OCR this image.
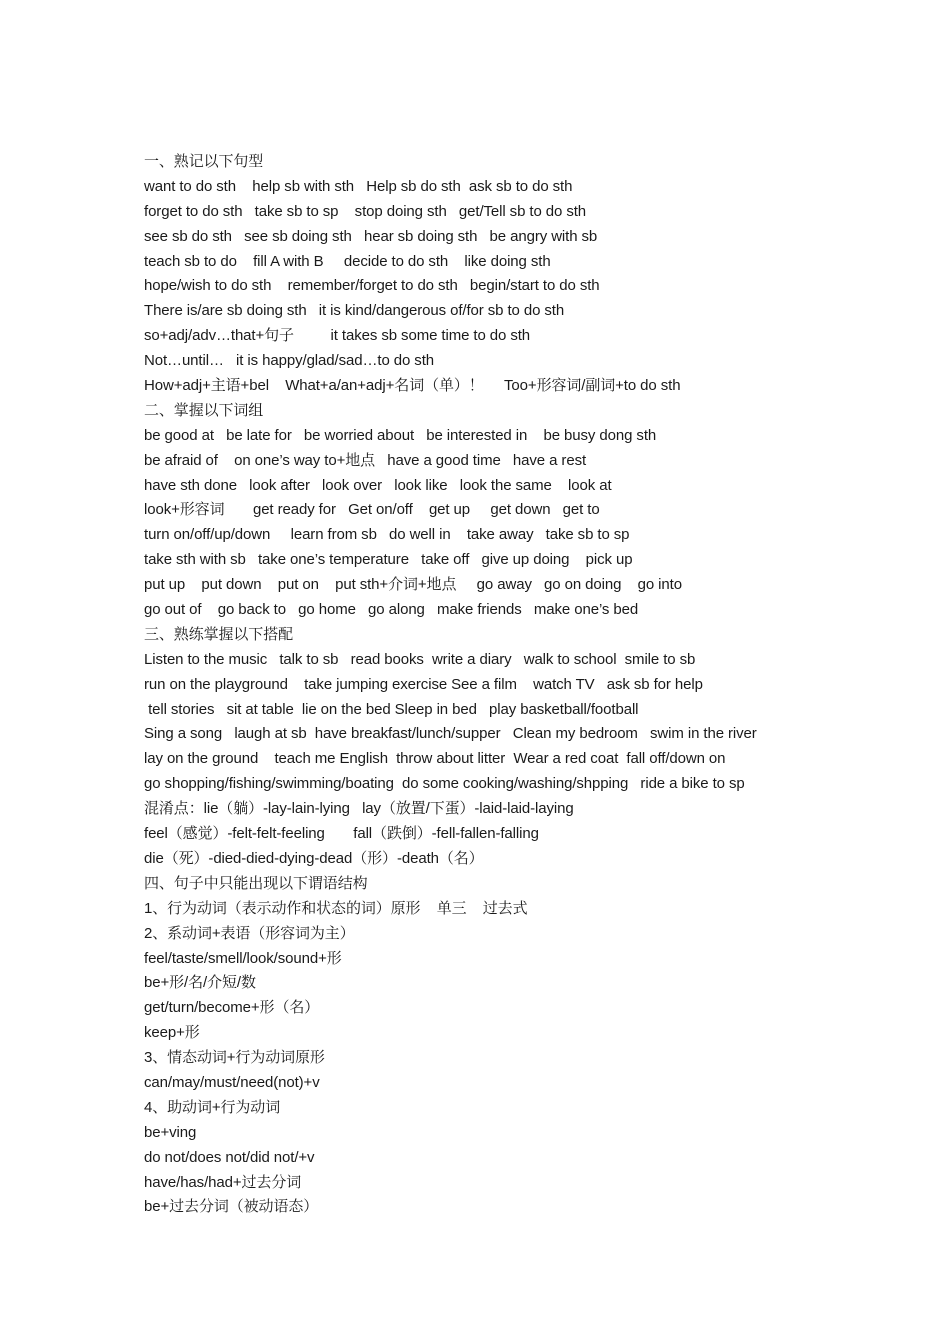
一、熟记以下句型
want to do sth    help sb with sth   Help sb do sth  ask sb to do sth
forget to do sth   take sb to sp    stop doing sth   get/Tell sb to do sth
see sb do sth   see sb doing sth   hear sb doing sth   be angry with sb
teach sb to do    fill A with B     decide to do sth    like doing sth
hope/wish to do sth    remember/forget to do sth   begin/start to do sth
There is/are sb doing sth   it is kind/dangerous of/for sb to do sth
so+adj/adv…that+句子         it takes sb some time to do sth
Not…until…   it is happy/glad/sad…to do sth
How+adj+主语+bel    What+a/an+adj+名词（单）！     Too+形容词/副词+to do sth
二、掌握以下词组
be good at   be late for   be worried about   be interested in    be busy dong sth
be afraid of    on one’s way to+地点   have a good time   have a rest
have sth done   look after   look over   look like   look the same    look at
look+形容词       get ready for   Get on/off    get up     get down   get to
turn on/off/up/down     learn from sb   do well in    take away   take sb to sp
take sth with sb   take one’s temperature   take off   give up doing    pick up
put up    put down    put on    put sth+介词+地点     go away   go on doing    go into
go out of    go back to   go home   go along   make friends   make one’s bed
三、熟练掌握以下搭配
Listen to the music   talk to sb   read books  write a diary   walk to school  smile to sb
run on the playground    take jumping exercise See a film    watch TV   ask sb for help
tell stories   sit at table  lie on the bed Sleep in bed   play basketball/football
Sing a song   laugh at sb  have breakfast/lunch/supper   Clean my bedroom   swim in the river
lay on the ground    teach me English  throw about litter  Wear a red coat  fall off/down on
go shopping/fishing/swimming/boating  do some cooking/washing/shpping   ride a bike to sp
混淆点：lie（躺）-lay-lain-lying   lay（放置/下蛋）-laid-laid-laying
feel（感觉）-felt-felt-feeling       fall（跌倒）-fell-fallen-falling
die（死）-died-died-dying-dead（形）-death（名）
四、句子中只能出现以下谓语结构
1、行为动词（表示动作和状态的词）原形    单三    过去式
2、系动词+表语（形容词为主）
feel/taste/smell/look/sound+形
be+形/名/介短/数
get/turn/become+形（名）
keep+形
3、情态动词+行为动词原形
can/may/must/need(not)+v
4、助动词+行为动词
be+ving
do not/does not/did not/+v
have/has/had+过去分词
be+过去分词（被动语态）
